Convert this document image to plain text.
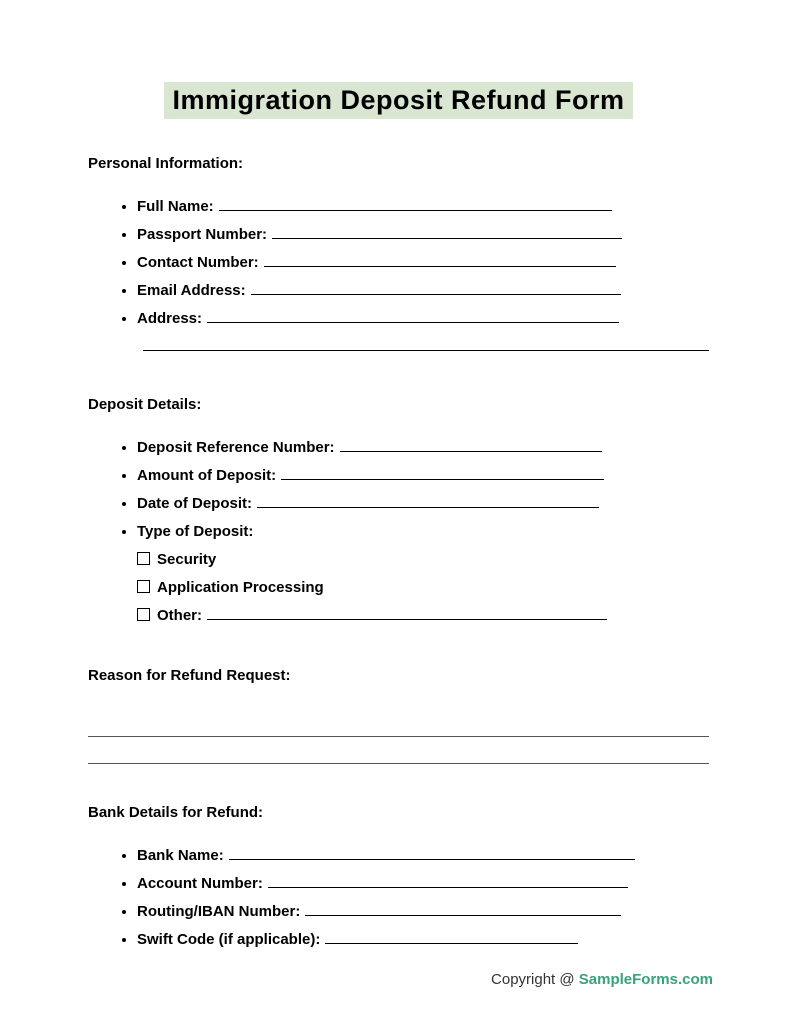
Immigration Deposit Refund Form
Personal Information:
• Full Name:
• Passport Number:
• Contact Number:
• Email Address:
• Address:
Deposit Details:
• Deposit Reference Number:
• Amount of Deposit:
• Date of Deposit:
• Type of Deposit:
Security
Application Processing
Other:
Reason for Refund Request:
Bank Details for Refund:
• Bank Name:
• Account Number:
• Routing/IBAN Number:
• Swift Code (if applicable):
Copyright @ SampleForms.com
